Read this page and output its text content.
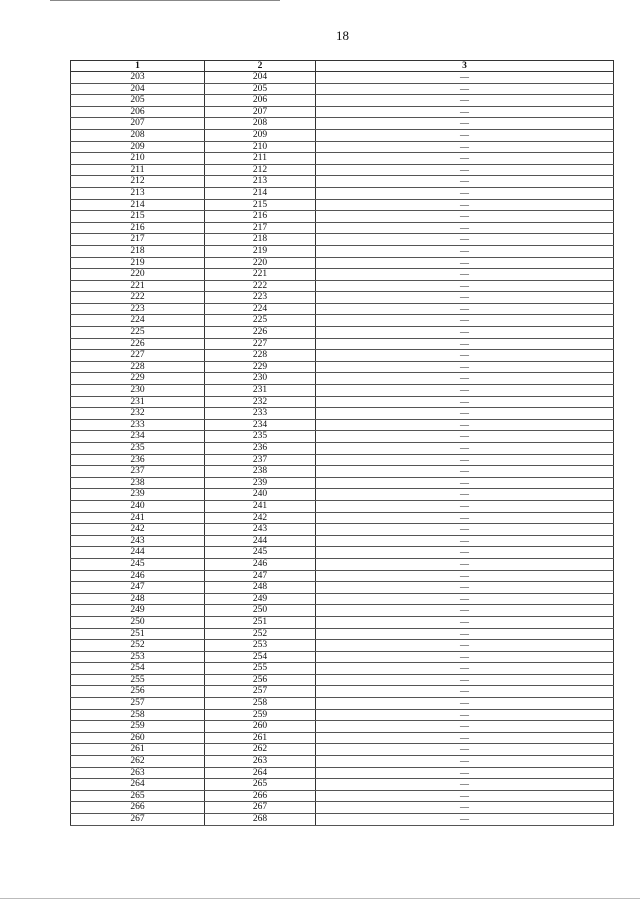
18
1	2	3
203	204	—
204	205	—
205	206	—
206	207	—
207	208	—
208	209	—
209	210	—
210	211	—
211	212	—
212	213	—
213	214	—
214	215	—
215	216	—
216	217	—
217	218	—
218	219	—
219	220	—
220	221	—
221	222	—
222	223	—
223	224	—
224	225	—
225	226	—
226	227	—
227	228	—
228	229	—
229	230	—
230	231	—
231	232	—
232	233	—
233	234	—
234	235	—
235	236	—
236	237	—
237	238	—
238	239	—
239	240	—
240	241	—
241	242	—
242	243	—
243	244	—
244	245	—
245	246	—
246	247	—
247	248	—
248	249	—
249	250	—
250	251	—
251	252	—
252	253	—
253	254	—
254	255	—
255	256	—
256	257	—
257	258	—
258	259	—
259	260	—
260	261	—
261	262	—
262	263	—
263	264	—
264	265	—
265	266	—
266	267	—
267	268	—
